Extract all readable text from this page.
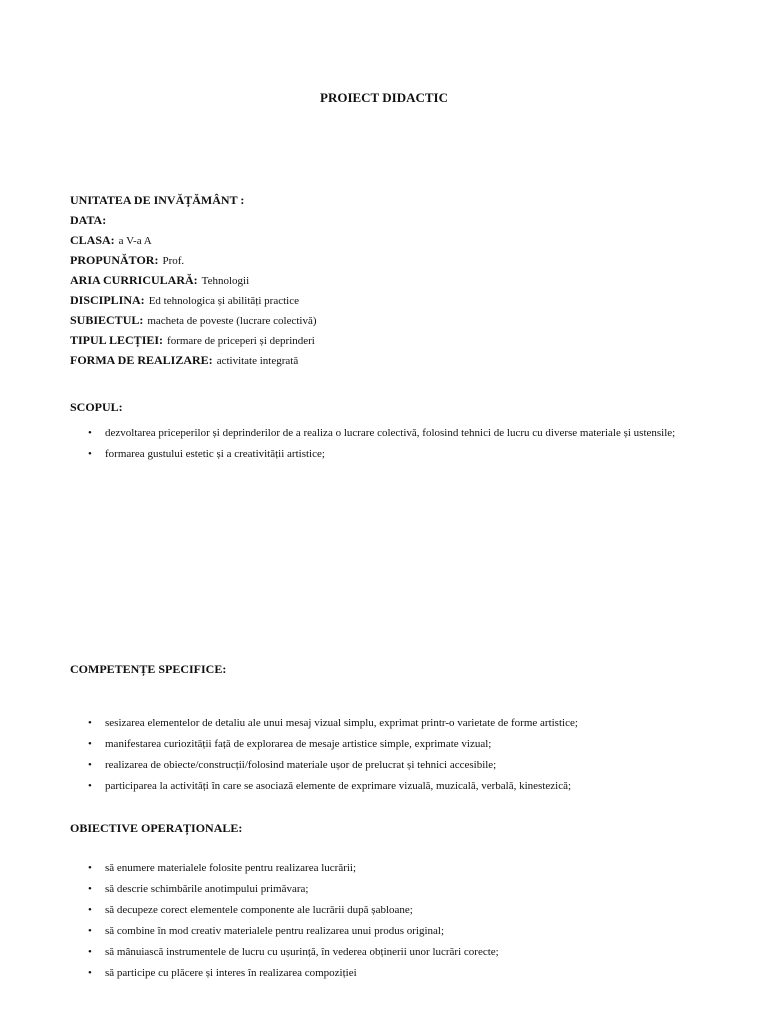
PROIECT DIDACTIC
UNITATEA DE INVĂȚĂMÂNT :
DATA:
CLASA: a V-a A
PROPUNĂTOR: Prof.
ARIA CURRICULARĂ: Tehnologii
DISCIPLINA: Ed tehnologica și abilități practice
SUBIECTUL: macheta de poveste (lucrare colectivă)
TIPUL LECȚIEI: formare de priceperi și deprinderi
FORMA DE REALIZARE: activitate integrată
SCOPUL:
• dezvoltarea priceperilor și deprinderilor de a realiza o lucrare colectivă, folosind tehnici de lucru cu diverse materiale și ustensile;
• formarea gustului estetic și a creativității artistice;
COMPETENȚE SPECIFICE:
• sesizarea elementelor de detaliu ale unui mesaj vizual simplu, exprimat printr-o varietate de forme artistice;
• manifestarea curiozității față de explorarea de mesaje artistice simple, exprimate vizual;
• realizarea de obiecte/construcții/folosind materiale ușor de prelucrat și tehnici accesibile;
• participarea la activități în care se asociază elemente de exprimare vizuală, muzicală, verbală, kinestezică;
OBIECTIVE OPERAȚIONALE:
• să enumere materialele folosite pentru realizarea lucrării;
• să descrie schimbările anotimpului primăvara;
• să decupeze corect elementele componente ale lucrării după șabloane;
• să combine în mod creativ materialele pentru realizarea unui produs original;
• să mânuiască instrumentele de lucru cu ușurință, în vederea obținerii unor lucrări corecte;
• să participe cu plăcere și interes în realizarea compoziției
